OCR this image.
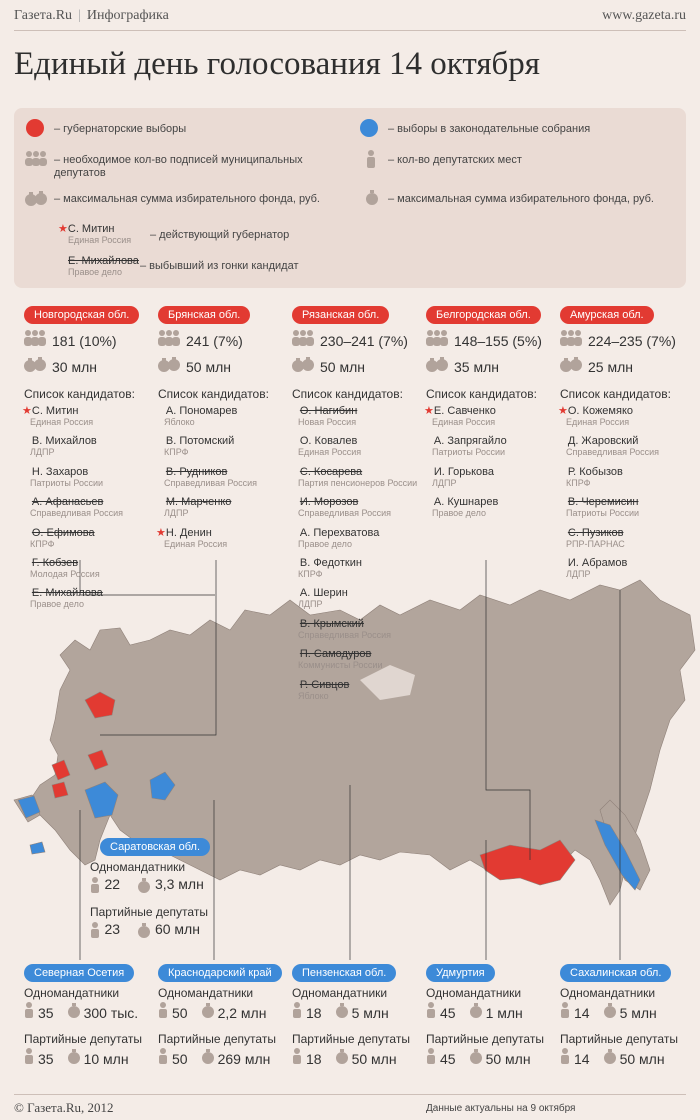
Газета.Ru | Инфографика	www.gazeta.ru
Единый день голосования 14 октября
– губернаторские выборы	– выборы в законодательные собрания
– необходимое кол-во подписей муниципальных депутатов
– кол-во депутатских мест
– максимальная сумма избирательного фонда, руб.	– максимальная сумма избирательного фонда, руб.
★С. Митин
Единая Россия – действующий губернатор
Е. Михайлова
Правое дело	– выбывший из гонки кандидат
Новгородская обл.
181 (10%)
30 млн
Список кандидатов:
★С. Митин
Единая Россия
В. Михайлов
ЛДПР
Н. Захаров
Патриоты России
А. Афанасьев
Справедливая Россия
О. Ефимова
КПРФ
Г. Кобзев
Молодая Россия
Е. Михайлова
Правое дело
Брянская обл.
241 (7%)
50 млн
Список кандидатов:
А. Пономарев
Яблоко
В. Потомский
КПРФ
В. Рудников
Справедливая Россия
М. Марченко
ЛДПР
★Н. Денин
Единая Россия
Рязанская обл.
230–241 (7%)
50 млн
Список кандидатов:
О. Нагибин
Новая Россия
О. Ковалев
Единая Россия
С. Косарева
Партия пенсионеров России
И. Морозов
Справедливая Россия
А. Перехватова
Правое дело
В. Федоткин
КПРФ
А. Шерин
ЛДПР
В. Крымский
Справедливая Россия
П. Самодуров
Коммунисты России
Р. Сивцов
Яблоко
Белгородская обл.
148–155 (5%)
35 млн
Список кандидатов:
★Е. Савченко
Единая Россия
А. Запрягайло
Патриоты России
И. Горькова
ЛДПР
А. Кушнарев
Правое дело
Амурская обл.
224–235 (7%)
25 млн
Список кандидатов:
★О. Кожемяко
Единая Россия
Д. Жаровский
Справедливая Россия
Р. Кобызов
КПРФ
В. Черемисин
Патриоты России
С. Пузиков
РПР-ПАРНАС
И. Абрамов
ЛДПР
Саратовская обл.
Одномандатники
22 3,3 млн
Партийные депутаты
23 60 млн
Северная Осетия
Одномандатники
35 300 тыс.
Партийные депутаты
35 10 млн
Краснодарский край
Одномандатники
50 2,2 млн
Партийные депутаты
50 269 млн
Пензенская обл.
Одномандатники
18 5 млн
Партийные депутаты
18 50 млн
Удмуртия
Одномандатники
45 1 млн
Партийные депутаты
45 50 млн
Сахалинская обл.
Одномандатники
14 5 млн
Партийные депутаты
14 50 млн
© Газета.Ru, 2012	Данные актуальны на 9 октября
